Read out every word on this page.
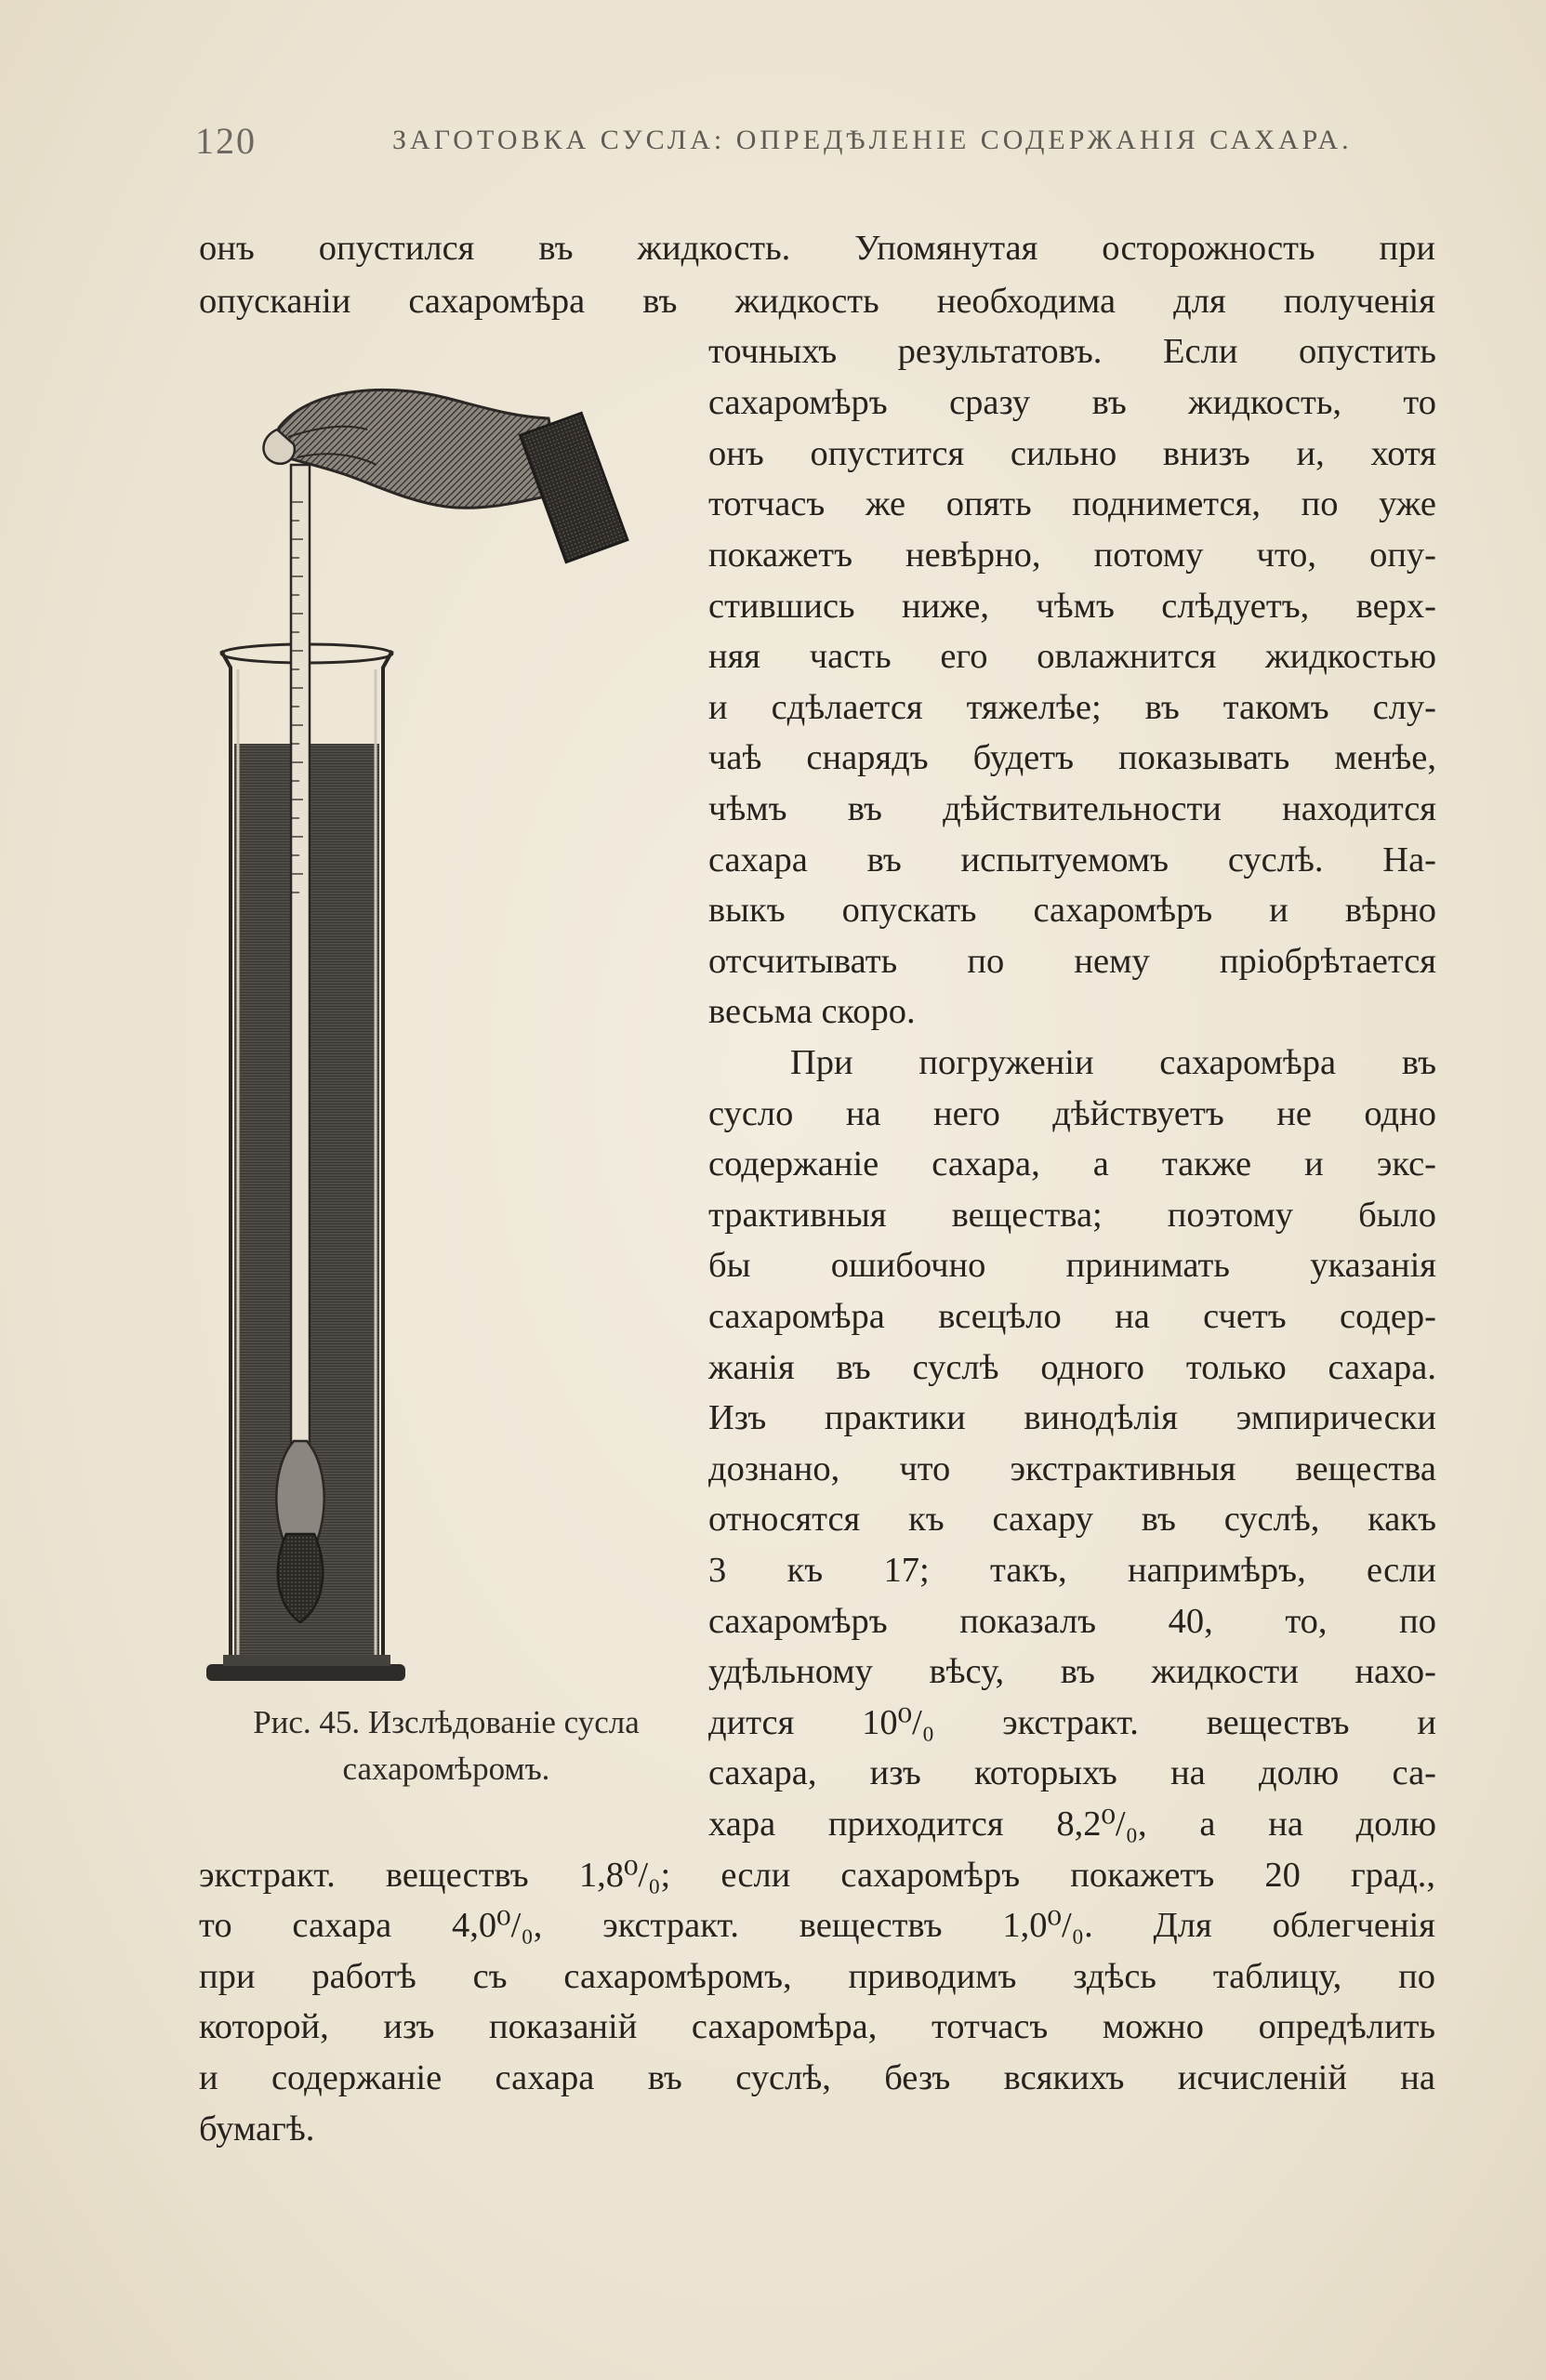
120	ЗАГОТОВКА СУСЛА: ОПРЕДѢЛЕНІЕ СОДЕРЖАНІЯ САХАРА.
Рис. 45. Изслѣдованіе сусла
сахаромѣромъ.
онъ опустился въ жидкость. Упомянутая осторожность при
опусканіи сахаромѣра въ жидкость необходима для полученія
точныхъ результатовъ. Если опустить
сахаромѣръ сразу въ жидкость, то
онъ опустится сильно внизъ и, хотя
тотчасъ же опять поднимется, по уже
покажетъ невѣрно, потому что, опу-
стившись ниже, чѣмъ слѣдуетъ, верх-
няя часть его овлажнится жидкостью
и сдѣлается тяжелѣе; въ такомъ слу-
чаѣ снарядъ будетъ показывать менѣе,
чѣмъ въ дѣйствительности находится
сахара въ испытуемомъ суслѣ. На-
выкъ опускать сахаромѣръ и вѣрно
отсчитывать по нему пріобрѣтается
весьма скоро.
При погруженіи сахаромѣра въ
сусло на него дѣйствуетъ не одно
содержаніе сахара, а также и экс-
трактивныя вещества; поэтому было
бы ошибочно принимать указанія
сахаромѣра всецѣло на счетъ содер-
жанія въ суслѣ одного только сахара.
Изъ практики винодѣлія эмпирически
дознано, что экстрактивныя вещества
относятся къ сахару въ суслѣ, какъ
3 къ 17; такъ, напримѣръ, если
сахаромѣръ показалъ 40, то, по
удѣльному вѣсу, въ жидкости нахо-
дится 10⁰/₀ экстракт. веществъ и
сахара, изъ которыхъ на долю са-
хара приходится 8,2⁰/₀, а на долю
экстракт. веществъ 1,8⁰/₀; если сахаромѣръ покажетъ 20 град.,
то сахара 4,0⁰/₀, экстракт. веществъ 1,0⁰/₀. Для облегченія
при работѣ съ сахаромѣромъ, приводимъ здѣсь таблицу, по
которой, изъ показаній сахаромѣра, тотчасъ можно опредѣлить
и содержаніе сахара въ суслѣ, безъ всякихъ исчисленій на
бумагѣ.
